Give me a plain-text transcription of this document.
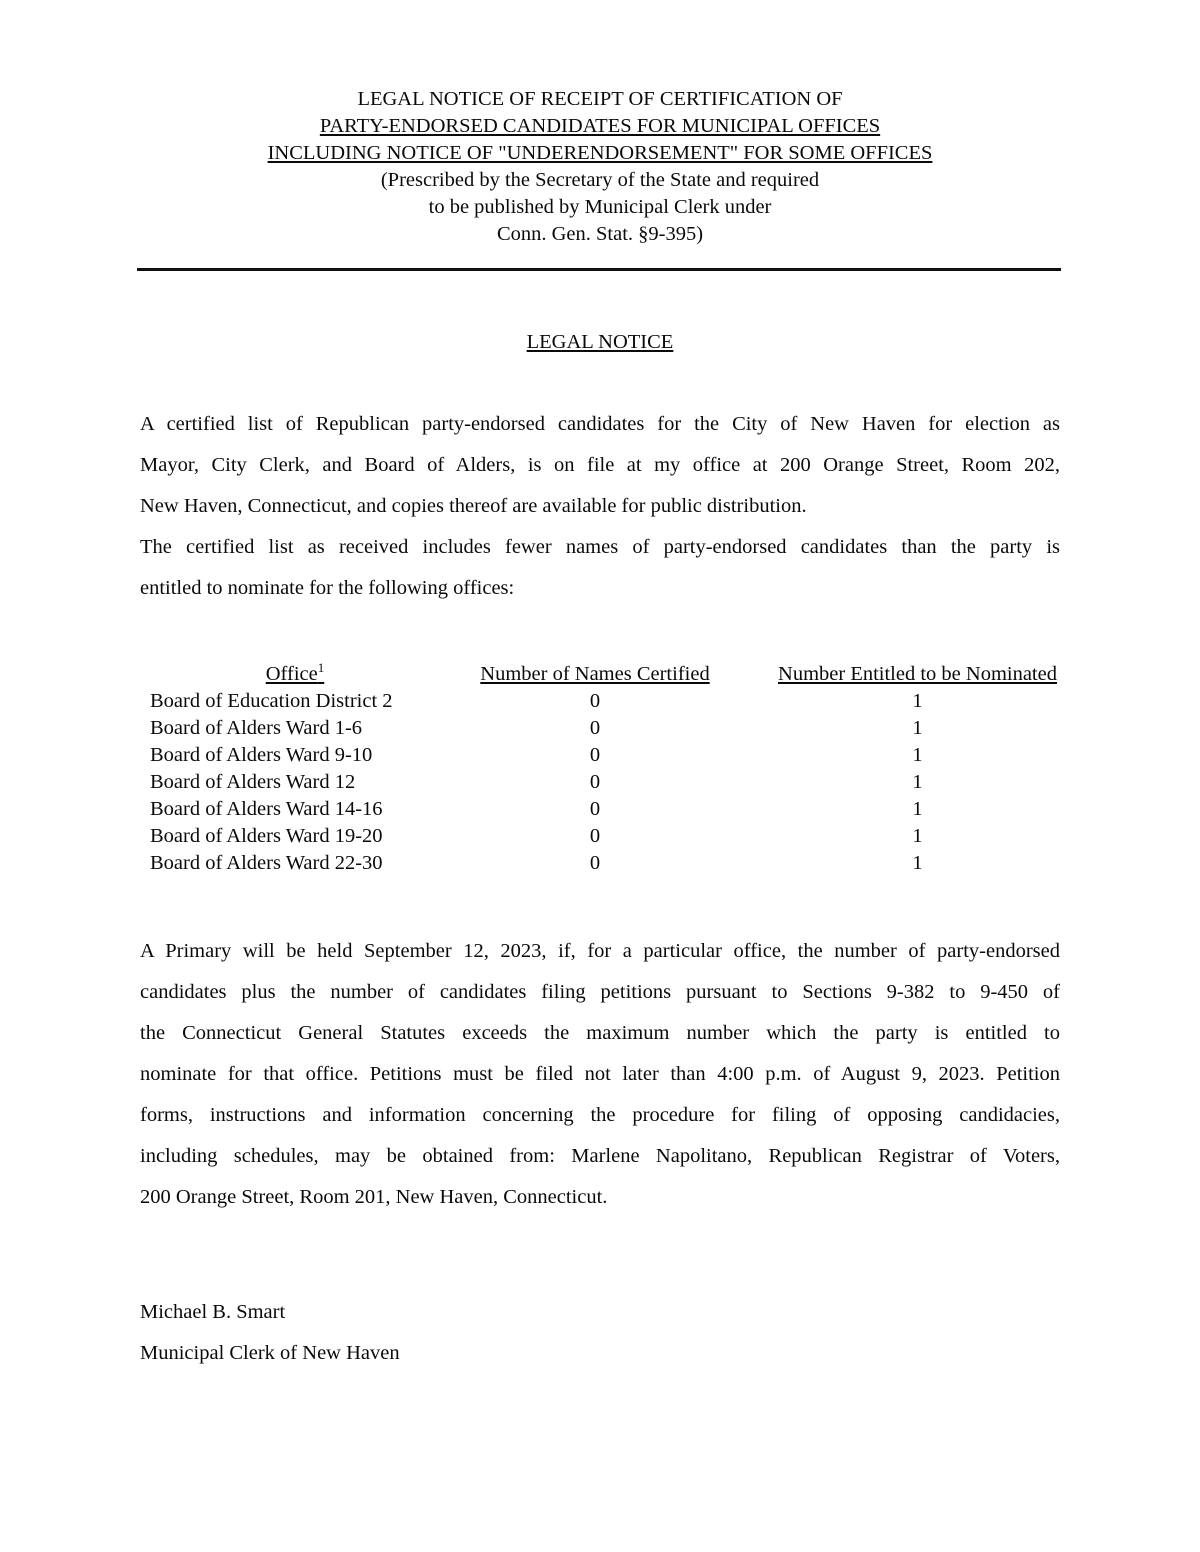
LEGAL NOTICE OF RECEIPT OF CERTIFICATION OF
PARTY-ENDORSED CANDIDATES FOR MUNICIPAL OFFICES
INCLUDING NOTICE OF "UNDERENDORSEMENT" FOR SOME OFFICES
(Prescribed by the Secretary of the State and required
to be published by Municipal Clerk under
Conn. Gen. Stat. §9-395)
LEGAL NOTICE
A certified list of Republican party-endorsed candidates for the City of New Haven for election as
Mayor, City Clerk, and Board of Alders, is on file at my office at 200 Orange Street, Room 202,
New Haven, Connecticut, and copies thereof are available for public distribution.
The certified list as received includes fewer names of party-endorsed candidates than the party is
entitled to nominate for the following offices:
Office$^1$	Number of Names Certified	Number Entitled to be Nominated
Board of Education District 2	0	1
Board of Alders Ward 1-6	0	1
Board of Alders Ward 9-10	0	1
Board of Alders Ward 12	0	1
Board of Alders Ward 14-16	0	1
Board of Alders Ward 19-20	0	1
Board of Alders Ward 22-30	0	1
A Primary will be held September 12, 2023, if, for a particular office, the number of party-endorsed
candidates plus the number of candidates filing petitions pursuant to Sections 9-382 to 9-450 of
the Connecticut General Statutes exceeds the maximum number which the party is entitled to
nominate for that office. Petitions must be filed not later than 4:00 p.m. of August 9, 2023. Petition
forms, instructions and information concerning the procedure for filing of opposing candidacies,
including schedules, may be obtained from: Marlene Napolitano, Republican Registrar of Voters,
200 Orange Street, Room 201, New Haven, Connecticut.
Michael B. Smart
Municipal Clerk of New Haven
